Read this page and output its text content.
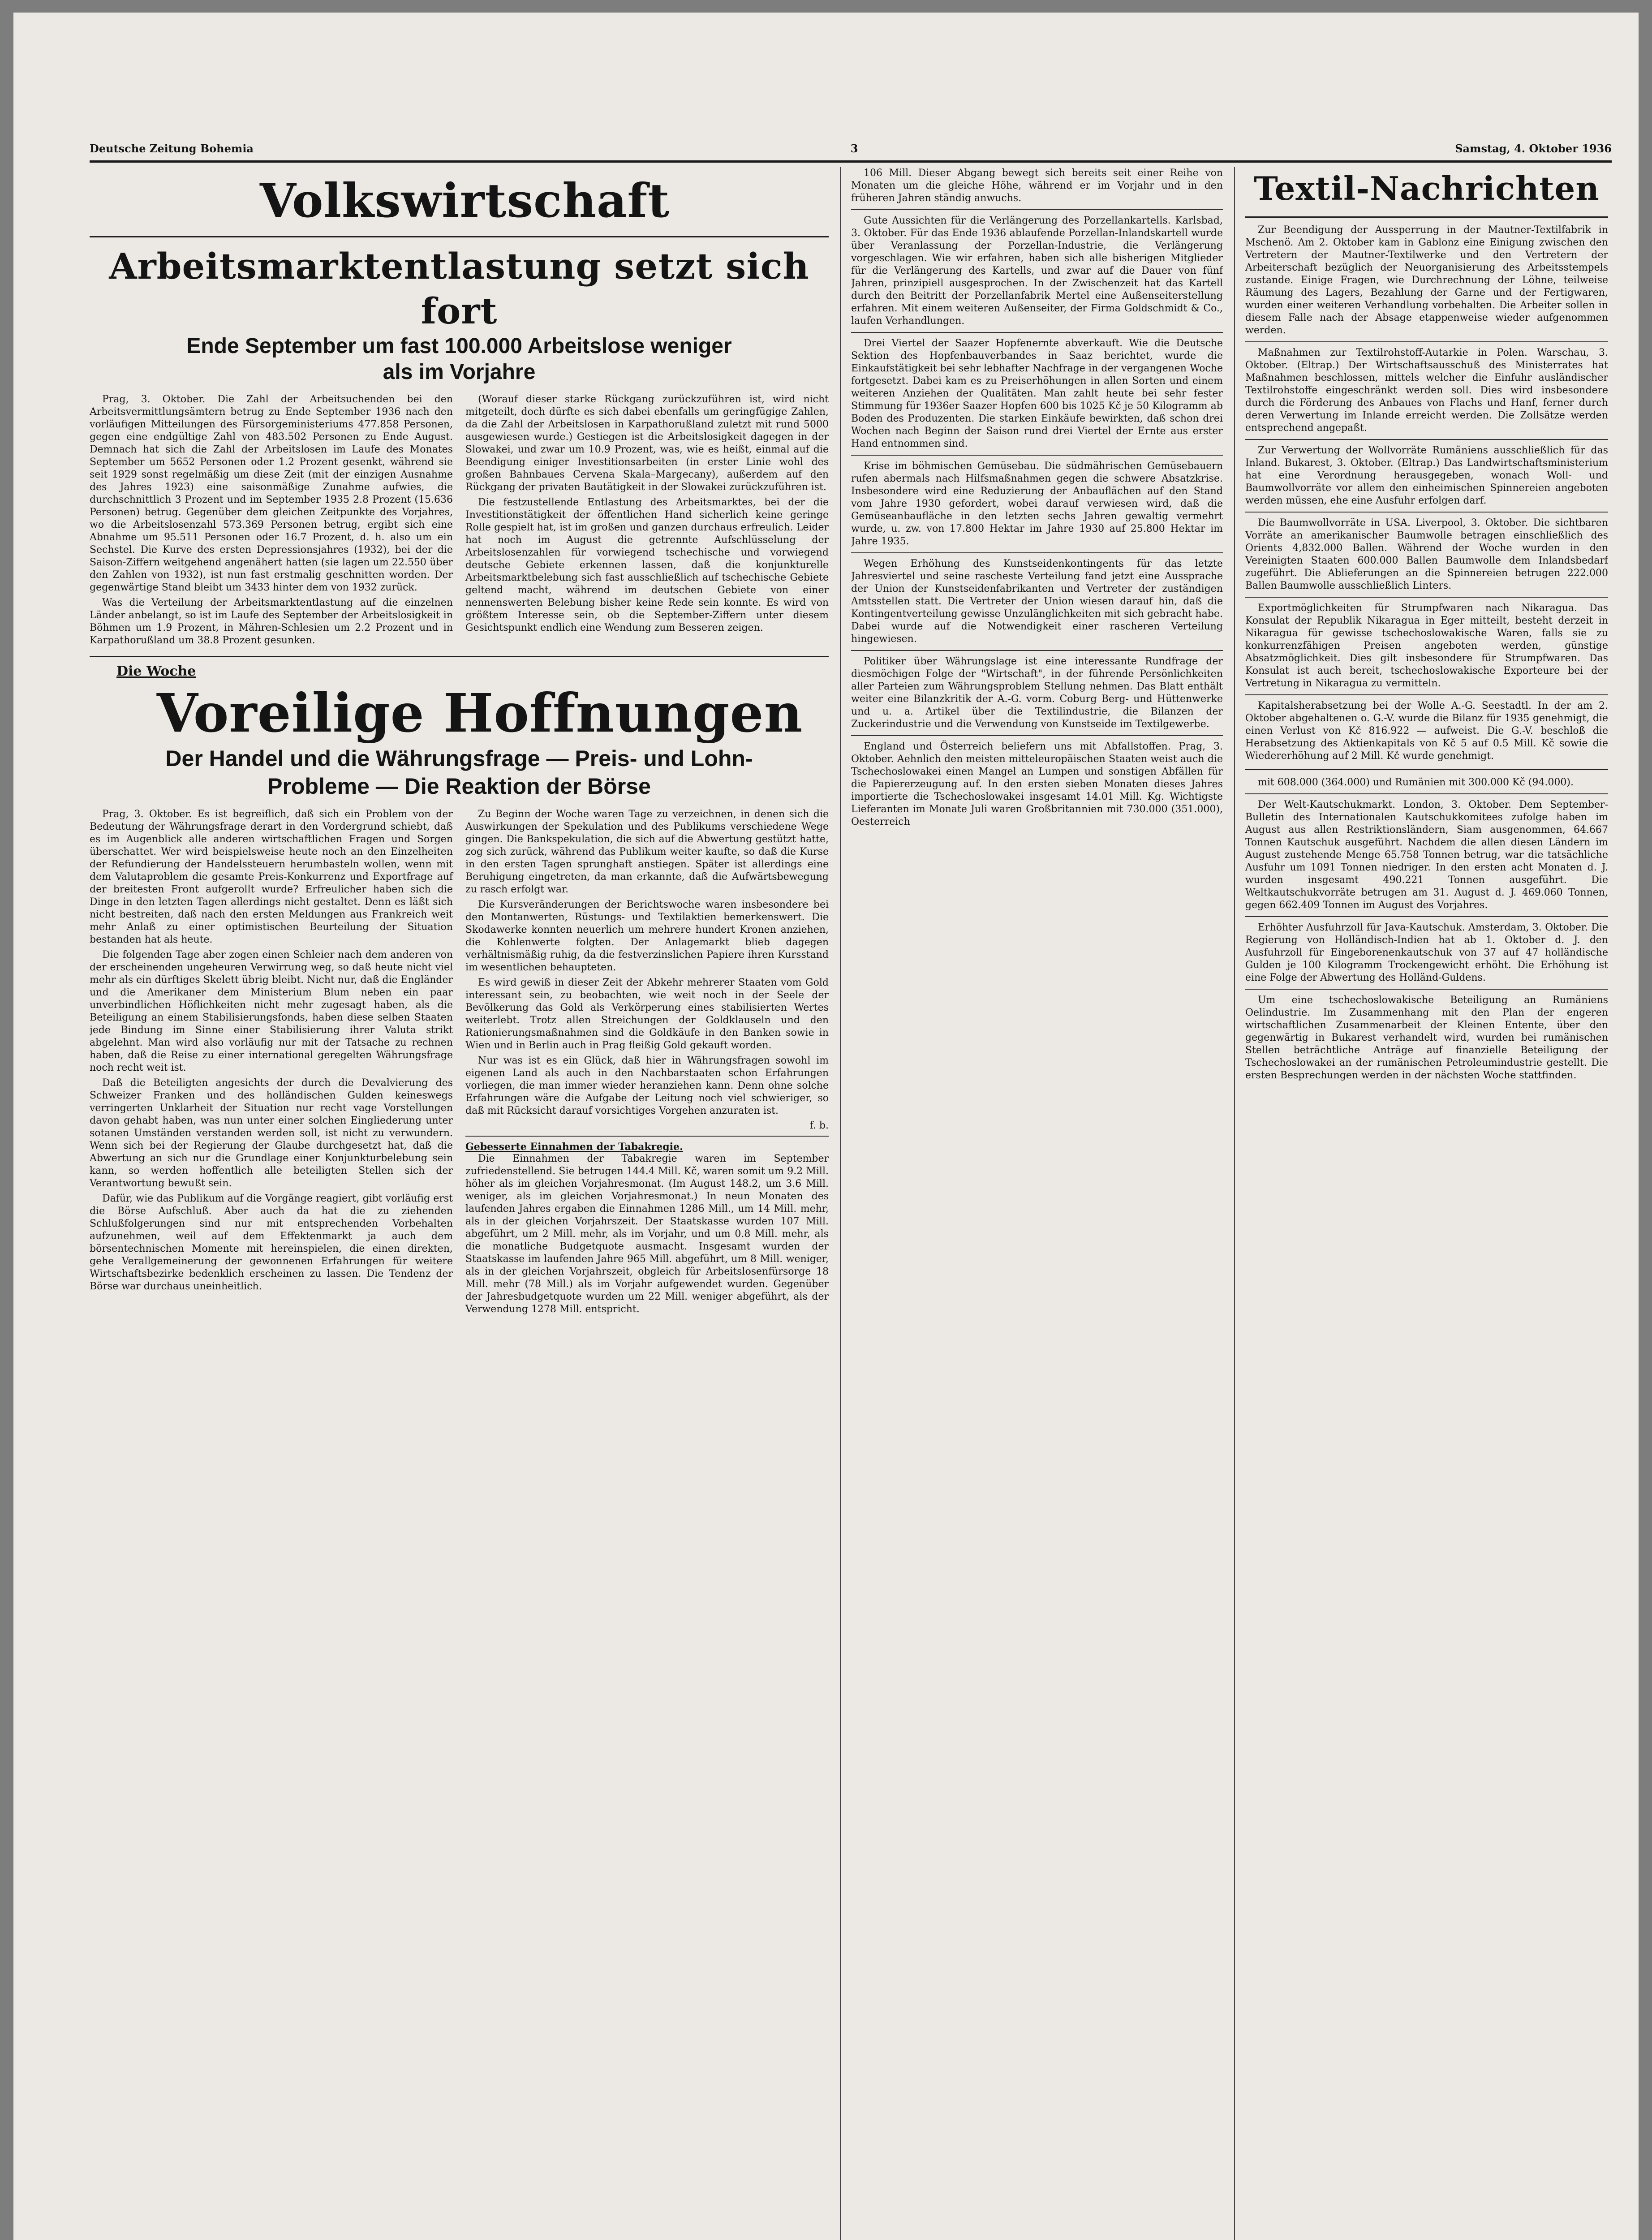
Deutsche Zeitung Bohemia	3	Samstag, 4. Oktober 1936
Volkswirtschaft
Arbeitsmarktentlastung setzt sich fort
Ende September um fast 100.000 Arbeitslose weniger
als im Vorjahre

Prag, 3. Oktober. Die Zahl der Arbeitsuchenden bei den Arbeitsvermittlungsämtern betrug zu Ende September 1936 nach den vorläufigen Mitteilungen des Fürsorgeministeriums 477.858 Personen, gegen eine endgültige Zahl von 483.502 Personen zu Ende August. Demnach hat sich die Zahl der Arbeitslosen im Laufe des Monates September um 5652 Personen oder 1.2 Prozent gesenkt, während sie seit 1929 sonst regelmäßig um diese Zeit (mit der einzigen Ausnahme des Jahres 1923) eine saisonmäßige Zunahme aufwies, die durchschnittlich 3 Prozent und im September 1935 2.8 Prozent (15.636 Personen) betrug. Gegenüber dem gleichen Zeitpunkte des Vorjahres, wo die Arbeitslosenzahl 573.369 Personen betrug, ergibt sich eine Abnahme um 95.511 Personen oder 16.7 Prozent, d. h. also um ein Sechstel. Die Kurve des ersten Depressionsjahres (1932), bei der die Saison-Ziffern weitgehend angenähert hatten (sie lagen um 22.550 über den Zahlen von 1932), ist nun fast erstmalig geschnitten worden. Der gegenwärtige Stand bleibt um 3433 hinter dem von 1932 zurück.

Was die Verteilung der Arbeitsmarktentlastung auf die einzelnen Länder anbelangt, so ist im Laufe des September der Arbeitslosigkeit in Böhmen um 1.9 Prozent, in Mähren-Schlesien um 2.2 Prozent und in Karpathorußland um 38.8 Prozent gesunken.

(Worauf dieser starke Rückgang zurückzuführen ist, wird nicht mitgeteilt, doch dürfte es sich dabei ebenfalls um geringfügige Zahlen, da die Zahl der Arbeitslosen in Karpathorußland zuletzt mit rund 5000 ausgewiesen wurde.) Gestiegen ist die Arbeitslosigkeit dagegen in der Slowakei, und zwar um 10.9 Prozent, was, wie es heißt, einmal auf die Beendigung einiger Investitionsarbeiten (in erster Linie wohl des großen Bahnbaues Cervena Skala–Margecany), außerdem auf den Rückgang der privaten Bautätigkeit in der Slowakei zurückzuführen ist.

Die festzustellende Entlastung des Arbeitsmarktes, bei der die Investitionstätigkeit der öffentlichen Hand sicherlich keine geringe Rolle gespielt hat, ist im großen und ganzen durchaus erfreulich. Leider hat noch im August die getrennte Aufschlüsselung der Arbeitslosenzahlen für vorwiegend tschechische und vorwiegend deutsche Gebiete erkennen lassen, daß die konjunkturelle Arbeitsmarktbelebung sich fast ausschließlich auf tschechische Gebiete geltend macht, während im deutschen Gebiete von einer nennenswerten Belebung bisher keine Rede sein konnte. Es wird von größtem Interesse sein, ob die September-Ziffern unter diesem Gesichtspunkt endlich eine Wendung zum Besseren zeigen.

Die Woche
Voreilige Hoffnungen
Der Handel und die Währungsfrage — Preis- und Lohn-
Probleme — Die Reaktion der Börse

Prag, 3. Oktober. Es ist begreiflich, daß sich ein Problem von der Bedeutung der Währungsfrage derart in den Vordergrund schiebt, daß es im Augenblick alle anderen wirtschaftlichen Fragen und Sorgen überschattet. Wer wird beispielsweise heute noch an den Einzelheiten der Refundierung der Handelssteuern herumbasteln wollen, wenn mit dem Valutaproblem die gesamte Preis-Konkurrenz und Exportfrage auf der breitesten Front aufgerollt wurde? Erfreulicher haben sich die Dinge in den letzten Tagen allerdings nicht gestaltet. Denn es läßt sich nicht bestreiten, daß nach den ersten Meldungen aus Frankreich weit mehr Anlaß zu einer optimistischen Beurteilung der Situation bestanden hat als heute.

Die folgenden Tage aber zogen einen Schleier nach dem anderen von der erscheinenden ungeheuren Verwirrung weg, so daß heute nicht viel mehr als ein dürftiges Skelett übrig bleibt. Nicht nur, daß die Engländer und die Amerikaner dem Ministerium Blum neben ein paar unverbindlichen Höflichkeiten nicht mehr zugesagt haben, als die Beteiligung an einem Stabilisierungsfonds, haben diese selben Staaten jede Bindung im Sinne einer Stabilisierung ihrer Valuta strikt abgelehnt. Man wird also vorläufig nur mit der Tatsache zu rechnen haben, daß die Reise zu einer international geregelten Währungsfrage noch recht weit ist.

Daß die Beteiligten angesichts der durch die Devalvierung des Schweizer Franken und des holländischen Gulden keineswegs verringerten Unklarheit der Situation nur recht vage Vorstellungen davon gehabt haben, was nun unter einer solchen Eingliederung unter sotanen Umständen verstanden werden soll, ist nicht zu verwundern. Wenn sich bei der Regierung der Glaube durchgesetzt hat, daß die Abwertung an sich nur die Grundlage einer Konjunkturbelebung sein kann, so werden hoffentlich alle beteiligten Stellen sich der Verantwortung bewußt sein.

Dafür, wie das Publikum auf die Vorgänge reagiert, gibt vorläufig erst die Börse Aufschluß. Aber auch da hat die zu ziehenden Schlußfolgerungen sind nur mit entsprechenden Vorbehalten aufzunehmen, weil auf dem Effektenmarkt ja auch dem börsentechnischen Momente mit hereinspielen, die einen direkten, gehe Verallgemeinerung der gewonnenen Erfahrungen für weitere Wirtschaftsbezirke bedenklich erscheinen zu lassen. Die Tendenz der Börse war durchaus uneinheitlich.

Zu Beginn der Woche waren Tage zu verzeichnen, in denen sich die Auswirkungen der Spekulation und des Publikums verschiedene Wege gingen. Die Bankspekulation, die sich auf die Abwertung gestützt hatte, zog sich zurück, während das Publikum weiter kaufte, so daß die Kurse in den ersten Tagen sprunghaft anstiegen. Später ist allerdings eine Beruhigung eingetreten, da man erkannte, daß die Aufwärtsbewegung zu rasch erfolgt war.

Die Kursveränderungen der Berichtswoche waren insbesondere bei den Montanwerten, Rüstungs- und Textilaktien bemerkenswert. Die Skodawerke konnten neuerlich um mehrere hundert Kronen anziehen, die Kohlenwerte folgten. Der Anlagemarkt blieb dagegen verhältnismäßig ruhig, da die festverzinslichen Papiere ihren Kursstand im wesentlichen behaupteten.

Es wird gewiß in dieser Zeit der Abkehr mehrerer Staaten vom Gold interessant sein, zu beobachten, wie weit noch in der Seele der Bevölkerung das Gold als Verkörperung eines stabilisierten Wertes weiterlebt. Trotz allen Streichungen der Goldklauseln und den Rationierungsmaßnahmen sind die Goldkäufe in den Banken sowie in Wien und in Berlin auch in Prag fleißig Gold gekauft worden.

Nur was ist es ein Glück, daß hier in Währungsfragen sowohl im eigenen Land als auch in den Nachbarstaaten schon Erfahrungen vorliegen, die man immer wieder heranziehen kann. Denn ohne solche Erfahrungen wäre die Aufgabe der Leitung noch viel schwieriger, so daß mit Rücksicht darauf vorsichtiges Vorgehen anzuraten ist.

f. b.
Gebesserte Einnahmen der Tabakregie.

Die Einnahmen der Tabakregie waren im September zufriedenstellend. Sie betrugen 144.4 Mill. Kč, waren somit um 9.2 Mill. höher als im gleichen Vorjahresmonat. (Im August 148.2, um 3.6 Mill. weniger, als im gleichen Vorjahresmonat.) In neun Monaten des laufenden Jahres ergaben die Einnahmen 1286 Mill., um 14 Mill. mehr, als in der gleichen Vorjahrszeit. Der Staatskasse wurden 107 Mill. abgeführt, um 2 Mill. mehr, als im Vorjahr, und um 0.8 Mill. mehr, als die monatliche Budgetquote ausmacht. Insgesamt wurden der Staatskasse im laufenden Jahre 965 Mill. abgeführt, um 8 Mill. weniger, als in der gleichen Vorjahrszeit, obgleich für Arbeitslosenfürsorge 18 Mill. mehr (78 Mill.) als im Vorjahr aufgewendet wurden. Gegenüber der Jahresbudgetquote wurden um 22 Mill. weniger abgeführt, als der Verwendung 1278 Mill. entspricht.

106 Mill. Dieser Abgang bewegt sich bereits seit einer Reihe von Monaten um die gleiche Höhe, während er im Vorjahr und in den früheren Jahren ständig anwuchs.

Gute Aussichten für die Verlängerung des Porzellankartells. Karlsbad, 3. Oktober. Für das Ende 1936 ablaufende Porzellan-Inlandskartell wurde über Veranlassung der Porzellan-Industrie, die Verlängerung vorgeschlagen. Wie wir erfahren, haben sich alle bisherigen Mitglieder für die Verlängerung des Kartells, und zwar auf die Dauer von fünf Jahren, prinzipiell ausgesprochen. In der Zwischenzeit hat das Kartell durch den Beitritt der Porzellanfabrik Mertel eine Außenseiterstellung erfahren. Mit einem weiteren Außenseiter, der Firma Goldschmidt & Co., laufen Verhandlungen.

Drei Viertel der Saazer Hopfenernte abverkauft. Wie die Deutsche Sektion des Hopfenbauverbandes in Saaz berichtet, wurde die Einkaufstätigkeit bei sehr lebhafter Nachfrage in der vergangenen Woche fortgesetzt. Dabei kam es zu Preiserhöhungen in allen Sorten und einem weiteren Anziehen der Qualitäten. Man zahlt heute bei sehr fester Stimmung für 1936er Saazer Hopfen 600 bis 1025 Kč je 50 Kilogramm ab Boden des Produzenten. Die starken Einkäufe bewirkten, daß schon drei Wochen nach Beginn der Saison rund drei Viertel der Ernte aus erster Hand entnommen sind.

Krise im böhmischen Gemüsebau. Die südmährischen Gemüsebauern rufen abermals nach Hilfsmaßnahmen gegen die schwere Absatzkrise. Insbesondere wird eine Reduzierung der Anbauflächen auf den Stand vom Jahre 1930 gefordert, wobei darauf verwiesen wird, daß die Gemüseanbaufläche in den letzten sechs Jahren gewaltig vermehrt wurde, u. zw. von 17.800 Hektar im Jahre 1930 auf 25.800 Hektar im Jahre 1935.

Wegen Erhöhung des Kunstseidenkontingents für das letzte Jahresviertel und seine rascheste Verteilung fand jetzt eine Aussprache der Union der Kunstseidenfabrikanten und Vertreter der zuständigen Amtsstellen statt. Die Vertreter der Union wiesen darauf hin, daß die Kontingentverteilung gewisse Unzulänglichkeiten mit sich gebracht habe. Dabei wurde auf die Notwendigkeit einer rascheren Verteilung hingewiesen.

Politiker über Währungslage ist eine interessante Rundfrage der diesmöchigen Folge der "Wirtschaft", in der führende Persönlichkeiten aller Parteien zum Währungsproblem Stellung nehmen. Das Blatt enthält weiter eine Bilanzkritik der A.-G. vorm. Coburg Berg- und Hüttenwerke und u. a. Artikel über die Textilindustrie, die Bilanzen der Zuckerindustrie und die Verwendung von Kunstseide im Textilgewerbe.

England und Österreich beliefern uns mit Abfallstoffen. Prag, 3. Oktober. Aehnlich den meisten mitteleuropäischen Staaten weist auch die Tschechoslowakei einen Mangel an Lumpen und sonstigen Abfällen für die Papiererzeugung auf. In den ersten sieben Monaten dieses Jahres importierte die Tschechoslowakei insgesamt 14.01 Mill. Kg. Wichtigste Lieferanten im Monate Juli waren Großbritannien mit 730.000 (351.000), Oesterreich

Textil-Nachrichten

Zur Beendigung der Aussperrung in der Mautner-Textilfabrik in Mschenö. Am 2. Oktober kam in Gablonz eine Einigung zwischen den Vertretern der Mautner-Textilwerke und den Vertretern der Arbeiterschaft bezüglich der Neuorganisierung des Arbeitsstempels zustande. Einige Fragen, wie Durchrechnung der Löhne, teilweise Räumung des Lagers, Bezahlung der Garne und der Fertigwaren, wurden einer weiteren Verhandlung vorbehalten. Die Arbeiter sollen in diesem Falle nach der Absage etappenweise wieder aufgenommen werden.

Maßnahmen zur Textilrohstoff-Autarkie in Polen. Warschau, 3. Oktober. (Eltrap.) Der Wirtschaftsausschuß des Ministerrates hat Maßnahmen beschlossen, mittels welcher die Einfuhr ausländischer Textilrohstoffe eingeschränkt werden soll. Dies wird insbesondere durch die Förderung des Anbaues von Flachs und Hanf, ferner durch deren Verwertung im Inlande erreicht werden. Die Zollsätze werden entsprechend angepaßt.

Zur Verwertung der Wollvorräte Rumäniens ausschließlich für das Inland. Bukarest, 3. Oktober. (Eltrap.) Das Landwirtschaftsministerium hat eine Verordnung herausgegeben, wonach Woll- und Baumwollvorräte vor allem den einheimischen Spinnereien angeboten werden müssen, ehe eine Ausfuhr erfolgen darf.

Die Baumwollvorräte in USA. Liverpool, 3. Oktober. Die sichtbaren Vorräte an amerikanischer Baumwolle betragen einschließlich des Orients 4,832.000 Ballen. Während der Woche wurden in den Vereinigten Staaten 600.000 Ballen Baumwolle dem Inlandsbedarf zugeführt. Die Ablieferungen an die Spinnereien betrugen 222.000 Ballen Baumwolle ausschließlich Linters.

Exportmöglichkeiten für Strumpfwaren nach Nikaragua. Das Konsulat der Republik Nikaragua in Eger mitteilt, besteht derzeit in Nikaragua für gewisse tschechoslowakische Waren, falls sie zu konkurrenzfähigen Preisen angeboten werden, günstige Absatzmöglichkeit. Dies gilt insbesondere für Strumpfwaren. Das Konsulat ist auch bereit, tschechoslowakische Exporteure bei der Vertretung in Nikaragua zu vermitteln.

Kapitalsherabsetzung bei der Wolle A.-G. Seestadtl. In der am 2. Oktober abgehaltenen o. G.-V. wurde die Bilanz für 1935 genehmigt, die einen Verlust von Kč 816.922 — aufweist. Die G.-V. beschloß die Herabsetzung des Aktienkapitals von Kč 5 auf 0.5 Mill. Kč sowie die Wiedererhöhung auf 2 Mill. Kč wurde genehmigt.

mit 608.000 (364.000) und Rumänien mit 300.000 Kč (94.000).

Der Welt-Kautschukmarkt. London, 3. Oktober. Dem September-Bulletin des Internationalen Kautschukkomitees zufolge haben im August aus allen Restriktionsländern, Siam ausgenommen, 64.667 Tonnen Kautschuk ausgeführt. Nachdem die allen diesen Ländern im August zustehende Menge 65.758 Tonnen betrug, war die tatsächliche Ausfuhr um 1091 Tonnen niedriger. In den ersten acht Monaten d. J. wurden insgesamt 490.221 Tonnen ausgeführt. Die Weltkautschukvorräte betrugen am 31. August d. J. 469.060 Tonnen, gegen 662.409 Tonnen im August des Vorjahres.

Erhöhter Ausfuhrzoll für Java-Kautschuk. Amsterdam, 3. Oktober. Die Regierung von Holländisch-Indien hat ab 1. Oktober d. J. den Ausfuhrzoll für Eingeborenenkautschuk von 37 auf 47 holländische Gulden je 100 Kilogramm Trockengewicht erhöht. Die Erhöhung ist eine Folge der Abwertung des Holländ-Guldens.

Um eine tschechoslowakische Beteiligung an Rumäniens Oelindustrie. Im Zusammenhang mit den Plan der engeren wirtschaftlichen Zusammenarbeit der Kleinen Entente, über den gegenwärtig in Bukarest verhandelt wird, wurden bei rumänischen Stellen beträchtliche Anträge auf finanzielle Beteiligung der Tschechoslowakei an der rumänischen Petroleumindustrie gestellt. Die ersten Besprechungen werden in der nächsten Woche stattfinden.
